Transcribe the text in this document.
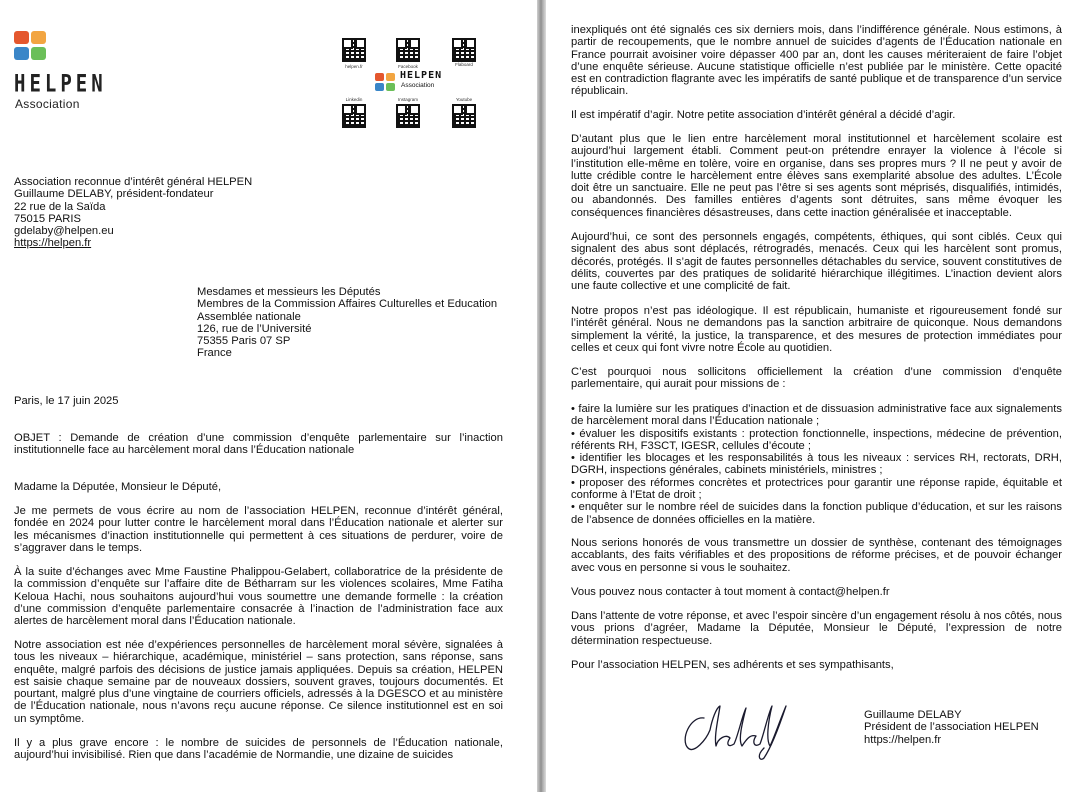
HELPEN
Association
helpen.fr	Facebook	Flaboard
HELPEN
Association
Linkedin	Instagram	Youtube
Association reconnue d’intérêt général HELPEN
Guillaume DELABY, président-fondateur
22 rue de la Saïda
75015 PARIS
gdelaby@helpen.eu
https://helpen.fr
Mesdames et messieurs les Députés
Membres de la Commission Affaires Culturelles et Education
Assemblée nationale
126, rue de l’Université
75355 Paris 07 SP
France
Paris, le 17 juin 2025

OBJET : Demande de création d’une commission d’enquête parlementaire sur l’inaction institutionnelle face au harcèlement moral dans l’Éducation nationale

Madame la Députée, Monsieur le Député,

Je me permets de vous écrire au nom de l’association HELPEN, reconnue d’intérêt général, fondée en 2024 pour lutter contre le harcèlement moral dans l’Éducation nationale et alerter sur les mécanismes d’inaction institutionnelle qui permettent à ces situations de perdurer, voire de s’aggraver dans le temps.

À la suite d’échanges avec Mme Faustine Phalippou-Gelabert, collaboratrice de la présidente de la commission d’enquête sur l’affaire dite de Bétharram sur les violences scolaires, Mme Fatiha Keloua Hachi, nous souhaitons aujourd’hui vous soumettre une demande formelle : la création d’une commission d’enquête parlementaire consacrée à l’inaction de l’administration face aux alertes de harcèlement moral dans l’Éducation nationale.

Notre association est née d’expériences personnelles de harcèlement moral sévère, signalées à tous les niveaux – hiérarchique, académique, ministériel – sans protection, sans réponse, sans enquête, malgré parfois des décisions de justice jamais appliquées. Depuis sa création, HELPEN est saisie chaque semaine par de nouveaux dossiers, souvent graves, toujours documentés. Et pourtant, malgré plus d’une vingtaine de courriers officiels, adressés à la DGESCO et au ministère de l’Éducation nationale, nous n’avons reçu aucune réponse. Ce silence institutionnel est en soi un symptôme.

Il y a plus grave encore : le nombre de suicides de personnels de l’Éducation nationale, aujourd’hui invisibilisé. Rien que dans l’académie de Normandie, une dizaine de suicides

inexpliqués ont été signalés ces six derniers mois, dans l’indifférence générale. Nous estimons, à partir de recoupements, que le nombre annuel de suicides d’agents de l’Éducation nationale en France pourrait avoisiner voire dépasser 400 par an, dont les causes mériteraient de faire l’objet d’une enquête sérieuse. Aucune statistique officielle n’est publiée par le ministère. Cette opacité est en contradiction flagrante avec les impératifs de santé publique et de transparence d’un service républicain.

Il est impératif d’agir. Notre petite association d’intérêt général a décidé d’agir.

D’autant plus que le lien entre harcèlement moral institutionnel et harcèlement scolaire est aujourd’hui largement établi. Comment peut-on prétendre enrayer la violence à l’école si l’institution elle-même en tolère, voire en organise, dans ses propres murs ? Il ne peut y avoir de lutte crédible contre le harcèlement entre élèves sans exemplarité absolue des adultes. L’École doit être un sanctuaire. Elle ne peut pas l’être si ses agents sont méprisés, disqualifiés, intimidés, ou abandonnés. Des familles entières d’agents sont détruites, sans même évoquer les conséquences financières désastreuses, dans cette inaction généralisée et inacceptable.

Aujourd’hui, ce sont des personnels engagés, compétents, éthiques, qui sont ciblés. Ceux qui signalent des abus sont déplacés, rétrogradés, menacés. Ceux qui les harcèlent sont promus, décorés, protégés. Il s’agit de fautes personnelles détachables du service, souvent constitutives de délits, couvertes par des pratiques de solidarité hiérarchique illégitimes. L’inaction devient alors une faute collective et une complicité de fait.

Notre propos n’est pas idéologique. Il est républicain, humaniste et rigoureusement fondé sur l’intérêt général. Nous ne demandons pas la sanction arbitraire de quiconque. Nous demandons simplement la vérité, la justice, la transparence, et des mesures de protection immédiates pour celles et ceux qui font vivre notre École au quotidien.

C’est pourquoi nous sollicitons officiellement la création d’une commission d’enquête parlementaire, qui aurait pour missions de :

• faire la lumière sur les pratiques d’inaction et de dissuasion administrative face aux signalements de harcèlement moral dans l’Éducation nationale ;

• évaluer les dispositifs existants : protection fonctionnelle, inspections, médecine de prévention, référents RH, F3SCT, IGESR, cellules d’écoute ;

• identifier les blocages et les responsabilités à tous les niveaux : services RH, rectorats, DRH, DGRH, inspections générales, cabinets ministériels, ministres ;

• proposer des réformes concrètes et protectrices pour garantir une réponse rapide, équitable et conforme à l’Etat de droit ;

• enquêter sur le nombre réel de suicides dans la fonction publique d’éducation, et sur les raisons de l’absence de données officielles en la matière.

Nous serions honorés de vous transmettre un dossier de synthèse, contenant des témoignages accablants, des faits vérifiables et des propositions de réforme précises, et de pouvoir échanger avec vous en personne si vous le souhaitez.

Vous pouvez nous contacter à tout moment à contact@helpen.fr

Dans l’attente de votre réponse, et avec l’espoir sincère d’un engagement résolu à nos côtés, nous vous prions d’agréer, Madame la Députée, Monsieur le Député, l’expression de notre détermination respectueuse.

Pour l’association HELPEN, ses adhérents et ses sympathisants,

Guillaume DELABY
Président de l’association HELPEN
https://helpen.fr
